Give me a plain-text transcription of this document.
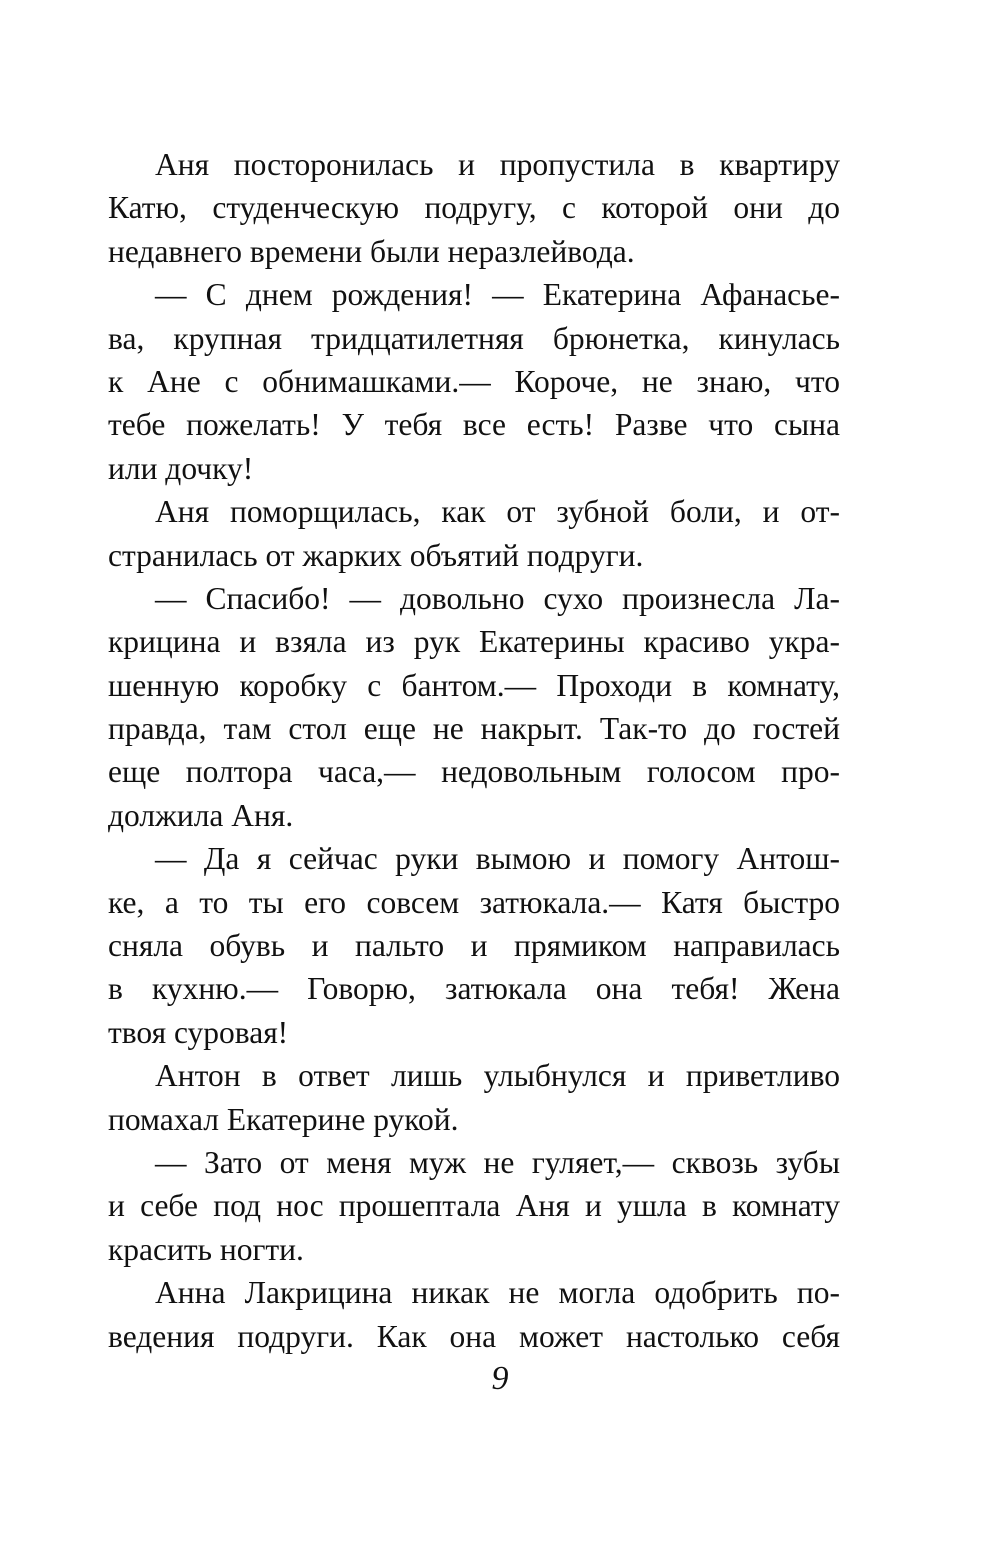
Аня посторонилась и пропустила в квартиру
Катю, студенческую подругу, с которой они до
недавнего времени были неразлейвода.
— С днем рождения! — Екатерина Афанасье-
ва, крупная тридцатилетняя брюнетка, кинулась
к Ане с обнимашками.— Короче, не знаю, что
тебе пожелать! У тебя все есть! Разве что сына
или дочку!
Аня поморщилась, как от зубной боли, и от-
странилась от жарких объятий подруги.
— Спасибо! — довольно сухо произнесла Ла-
крицина и взяла из рук Екатерины красиво укра-
шенную коробку с бантом.— Проходи в комнату,
правда, там стол еще не накрыт. Так-то до гостей
еще полтора часа,— недовольным голосом про-
должила Аня.
— Да я сейчас руки вымою и помогу Антош-
ке, а то ты его совсем затюкала.— Катя быстро
сняла обувь и пальто и прямиком направилась
в кухню.— Говорю, затюкала она тебя! Жена
твоя суровая!
Антон в ответ лишь улыбнулся и приветливо
помахал Екатерине рукой.
— Зато от меня муж не гуляет,— сквозь зубы
и себе под нос прошептала Аня и ушла в комнату
красить ногти.
Анна Лакрицина никак не могла одобрить по-
ведения подруги. Как она может настолько себя
9
